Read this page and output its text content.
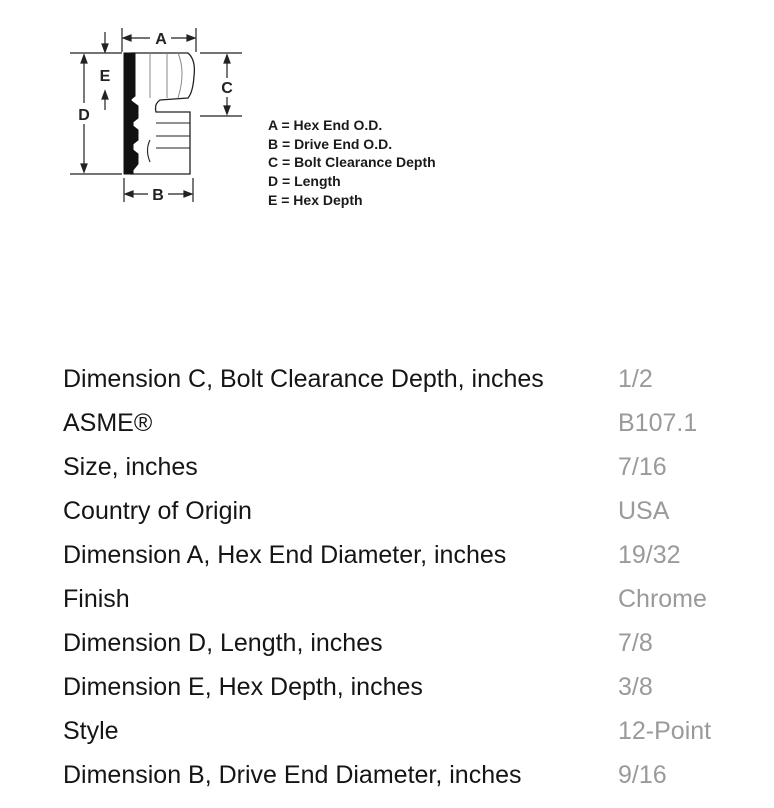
A
B
C
D
E
A = Hex End O.D.
B = Drive End O.D.
C = Bolt Clearance Depth
D = Length
E = Hex Depth
Dimension C, Bolt Clearance Depth, inches	1/2
ASME®	B107.1
Size, inches	7/16
Country of Origin	USA
Dimension A, Hex End Diameter, inches	19/32
Finish	Chrome
Dimension D, Length, inches	7/8
Dimension E, Hex Depth, inches	3/8
Style	12-Point
Dimension B, Drive End Diameter, inches	9/16
